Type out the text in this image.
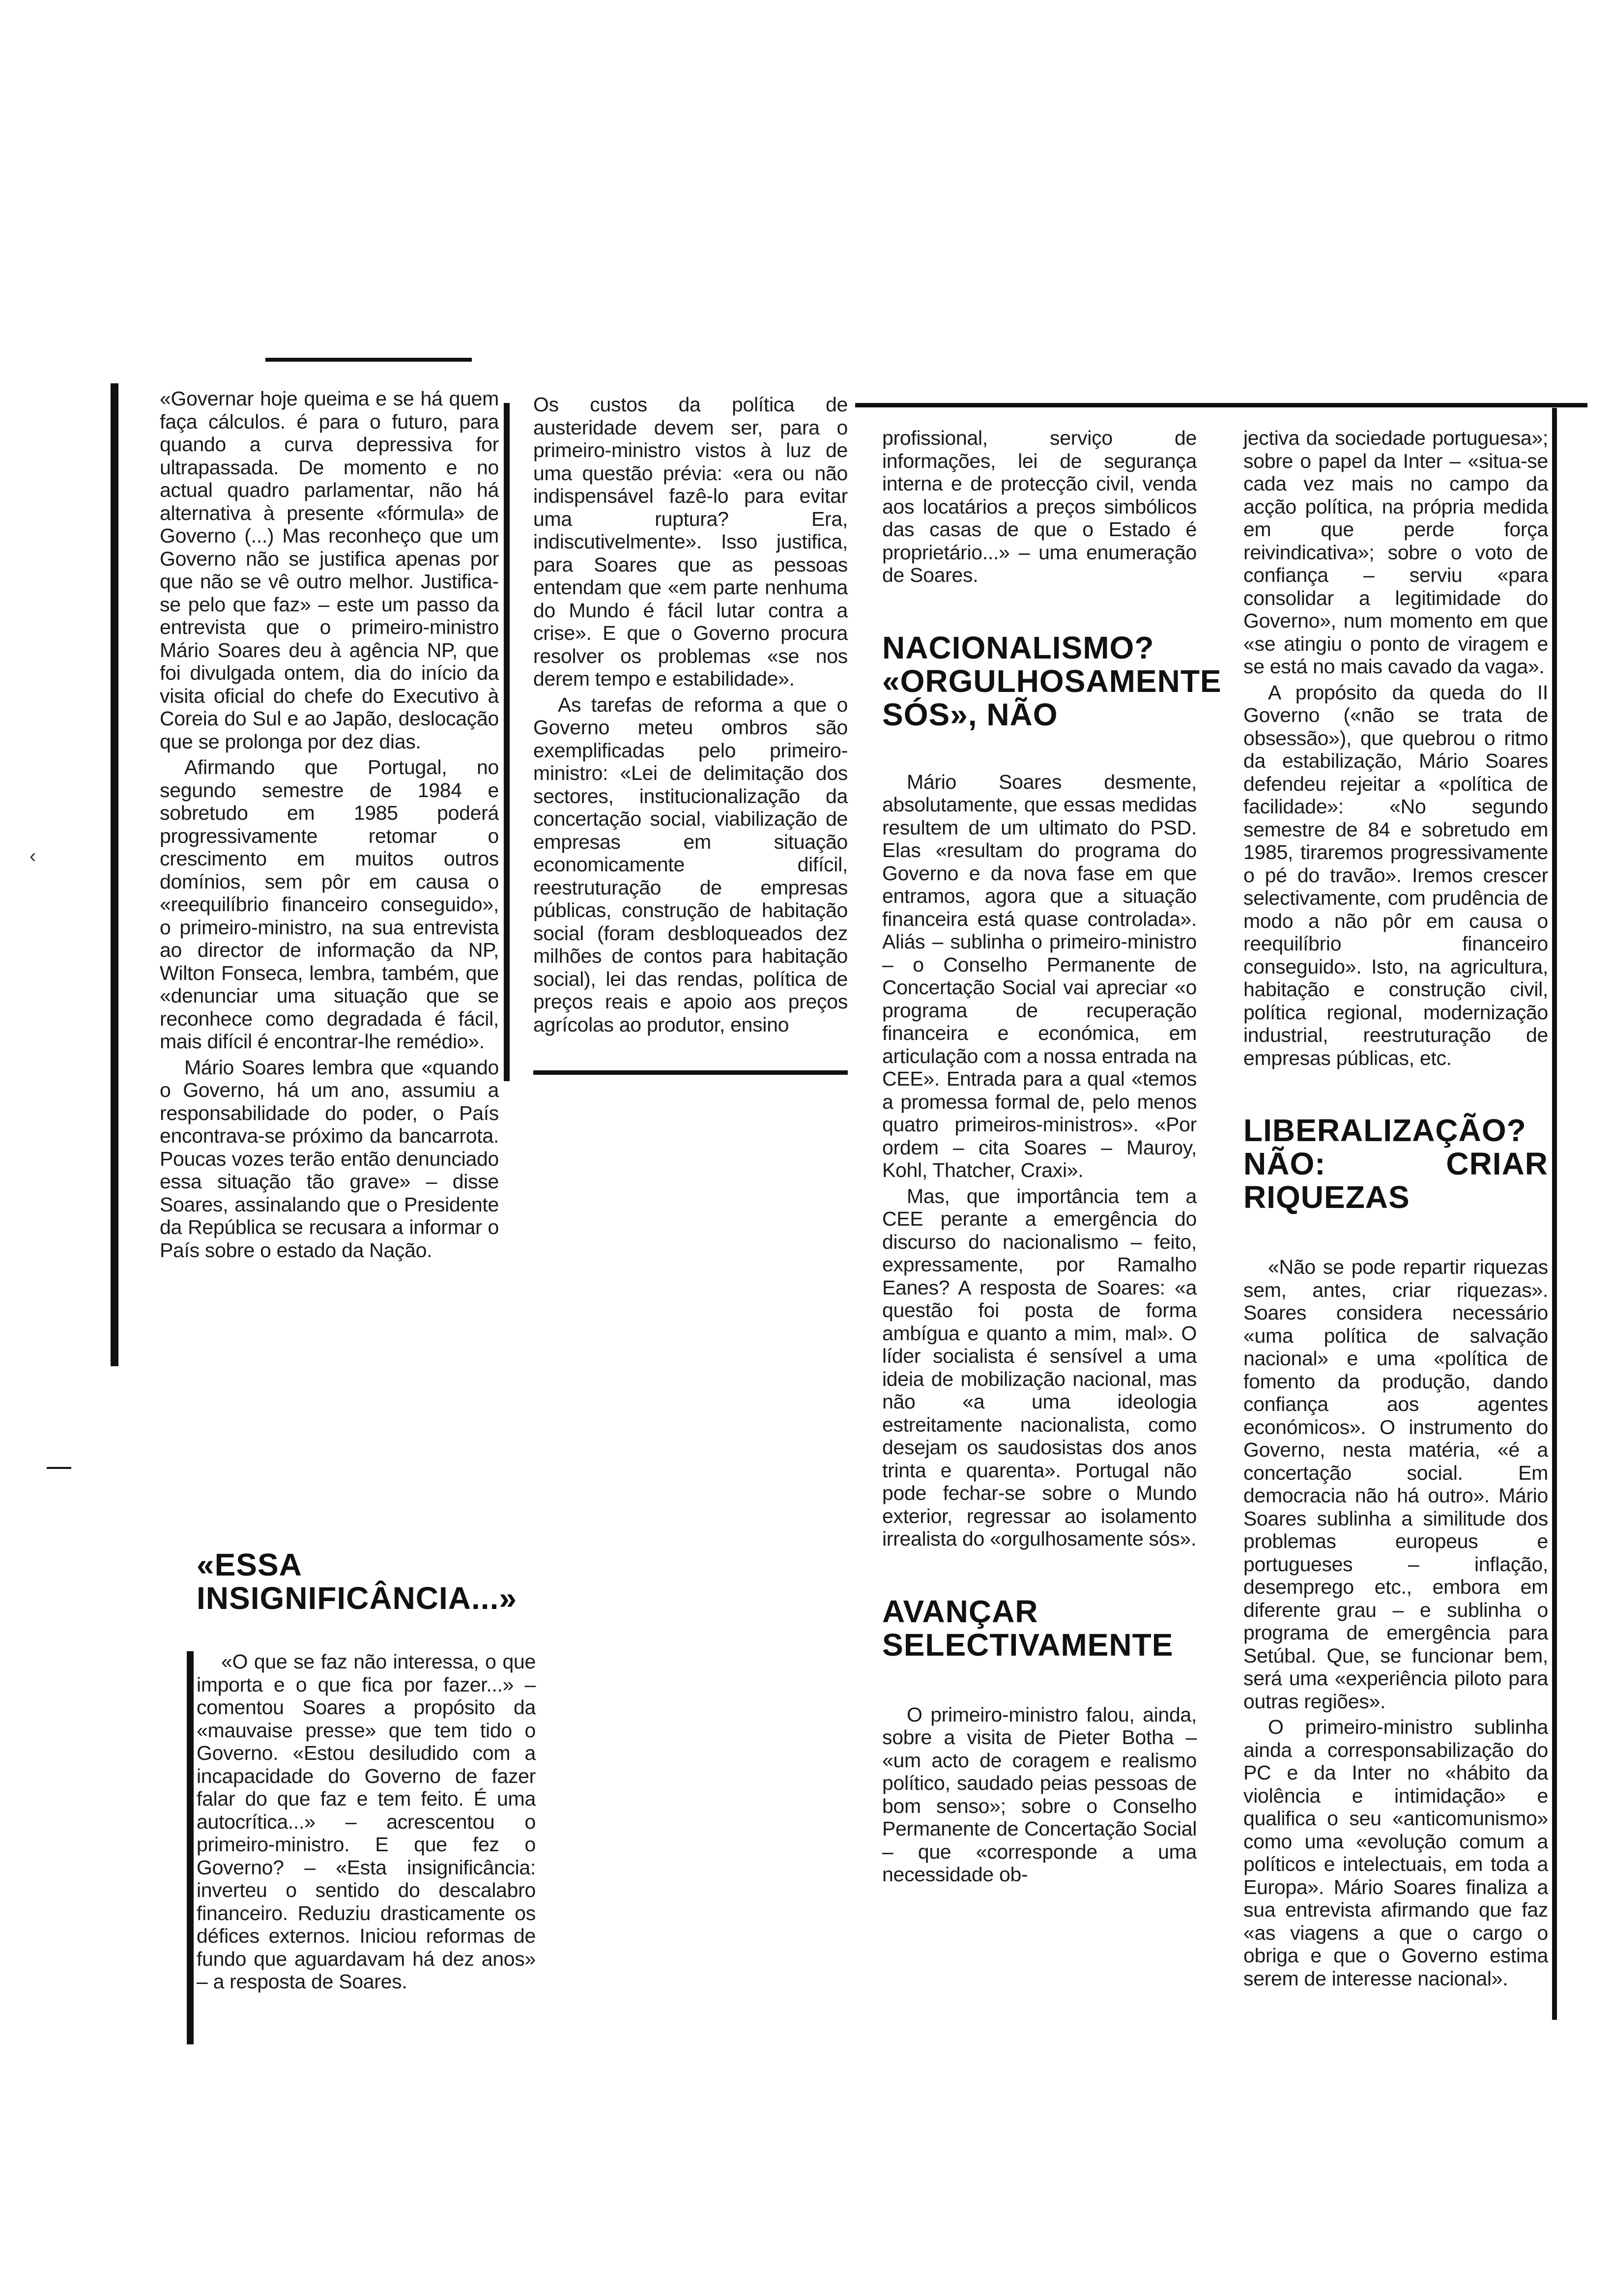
‹

«Governar hoje queima e se há quem faça cálculos. é para o futuro, para quando a curva depressiva for ultrapassada. De momento e no actual quadro parlamentar, não há alternativa à presente «fórmula» de Governo (...) Mas reconheço que um Governo não se justifica apenas por que não se vê outro melhor. Justifica-se pelo que faz» – este um passo da entrevista que o primeiro-ministro Mário Soares deu à agência NP, que foi divulgada ontem, dia do início da visita oficial do chefe do Executivo à Coreia do Sul e ao Japão, deslocação que se prolonga por dez dias.

Afirmando que Portugal, no segundo semestre de 1984 e sobretudo em 1985 poderá progressivamente retomar o crescimento em muitos outros domínios, sem pôr em causa o «reequilíbrio financeiro conseguido», o primeiro-ministro, na sua entrevista ao director de informação da NP, Wilton Fonseca, lembra, também, que «denunciar uma situação que se reconhece como degradada é fácil, mais difícil é encontrar-lhe remédio».

Mário Soares lembra que «quando o Governo, há um ano, assumiu a responsabilidade do poder, o País encontrava-se próximo da bancarrota. Poucas vozes terão então denunciado essa situação tão grave» – disse Soares, assinalando que o Presidente da República se recusara a informar o País sobre o estado da Nação.

Os custos da política de austeridade devem ser, para o primeiro-ministro vistos à luz de uma questão prévia: «era ou não indispensável fazê-lo para evitar uma ruptura? Era, indiscutivelmente». Isso justifica, para Soares que as pessoas entendam que «em parte nenhuma do Mundo é fácil lutar contra a crise». E que o Governo procura resolver os problemas «se nos derem tempo e estabilidade».

As tarefas de reforma a que o Governo meteu ombros são exemplificadas pelo primeiro-ministro: «Lei de delimitação dos sectores, institucionalização da concertação social, viabilização de empresas em situação economicamente difícil, reestruturação de empresas públicas, construção de habitação social (foram desbloqueados dez milhões de contos para habitação social), lei das rendas, política de preços reais e apoio aos preços agrícolas ao produtor, ensino

«ESSA INSIGNIFICÂNCIA...»

«O que se faz não interessa, o que importa e o que fica por fazer...» – comentou Soares a propósito da «mauvaise presse» que tem tido o Governo. «Estou desiludido com a incapacidade do Governo de fazer falar do que faz e tem feito. É uma autocrítica...» – acrescentou o primeiro-ministro. E que fez o Governo? – «Esta insignificância: inverteu o sentido do descalabro financeiro. Reduziu drasticamente os défices externos. Iniciou reformas de fundo que aguardavam há dez anos» – a resposta de Soares.

profissional, serviço de informações, lei de segurança interna e de protecção civil, venda aos locatários a preços simbólicos das casas de que o Estado é proprietário...» – uma enumeração de Soares.

NACIONALISMO? «ORGULHOSAMENTE SÓS», NÃO

Mário Soares desmente, absolutamente, que essas medidas resultem de um ultimato do PSD. Elas «resultam do programa do Governo e da nova fase em que entramos, agora que a situação financeira está quase controlada». Aliás – sublinha o primeiro-ministro – o Conselho Permanente de Concertação Social vai apreciar «o programa de recuperação financeira e económica, em articulação com a nossa entrada na CEE». Entrada para a qual «temos a promessa formal de, pelo menos quatro primeiros-ministros». «Por ordem – cita Soares – Mauroy, Kohl, Thatcher, Craxi».

Mas, que importância tem a CEE perante a emergência do discurso do nacionalismo – feito, expressamente, por Ramalho Eanes? A resposta de Soares: «a questão foi posta de forma ambígua e quanto a mim, mal». O líder socialista é sensível a uma ideia de mobilização nacional, mas não «a uma ideologia estreitamente nacionalista, como desejam os saudosistas dos anos trinta e quarenta». Portugal não pode fechar-se sobre o Mundo exterior, regressar ao isolamento irrealista do «orgulhosamente sós».

AVANÇAR SELECTIVAMENTE

O primeiro-ministro falou, ainda, sobre a visita de Pieter Botha – «um acto de coragem e realismo político, saudado peias pessoas de bom senso»; sobre o Conselho Permanente de Concertação Social – que «corresponde a uma necessidade ob-

jectiva da sociedade portuguesa»; sobre o papel da Inter – «situa-se cada vez mais no campo da acção política, na própria medida em que perde força reivindicativa»; sobre o voto de confiança – serviu «para consolidar a legitimidade do Governo», num momento em que «se atingiu o ponto de viragem e se está no mais cavado da vaga».

A propósito da queda do II Governo («não se trata de obsessão»), que quebrou o ritmo da estabilização, Mário Soares defendeu rejeitar a «política de facilidade»: «No segundo semestre de 84 e sobretudo em 1985, tiraremos progressivamente o pé do travão». Iremos crescer selectivamente, com prudência de modo a não pôr em causa o reequilíbrio financeiro conseguido». Isto, na agricultura, habitação e construção civil, política regional, modernização industrial, reestruturação de empresas públicas, etc.

LIBERALIZAÇÃO? NÃO: CRIAR RIQUEZAS

«Não se pode repartir riquezas sem, antes, criar riquezas». Soares considera necessário «uma política de salvação nacional» e uma «política de fomento da produção, dando confiança aos agentes económicos». O instrumento do Governo, nesta matéria, «é a concertação social. Em democracia não há outro». Mário Soares sublinha a similitude dos problemas europeus e portugueses – inflação, desemprego etc., embora em diferente grau – e sublinha o programa de emergência para Setúbal. Que, se funcionar bem, será uma «experiência piloto para outras regiões».

O primeiro-ministro sublinha ainda a corresponsabilização do PC e da Inter no «hábito da violência e intimidação» e qualifica o seu «anticomunismo» como uma «evolução comum a políticos e intelectuais, em toda a Europa». Mário Soares finaliza a sua entrevista afirmando que faz «as viagens a que o cargo o obriga e que o Governo estima serem de interesse nacional».
